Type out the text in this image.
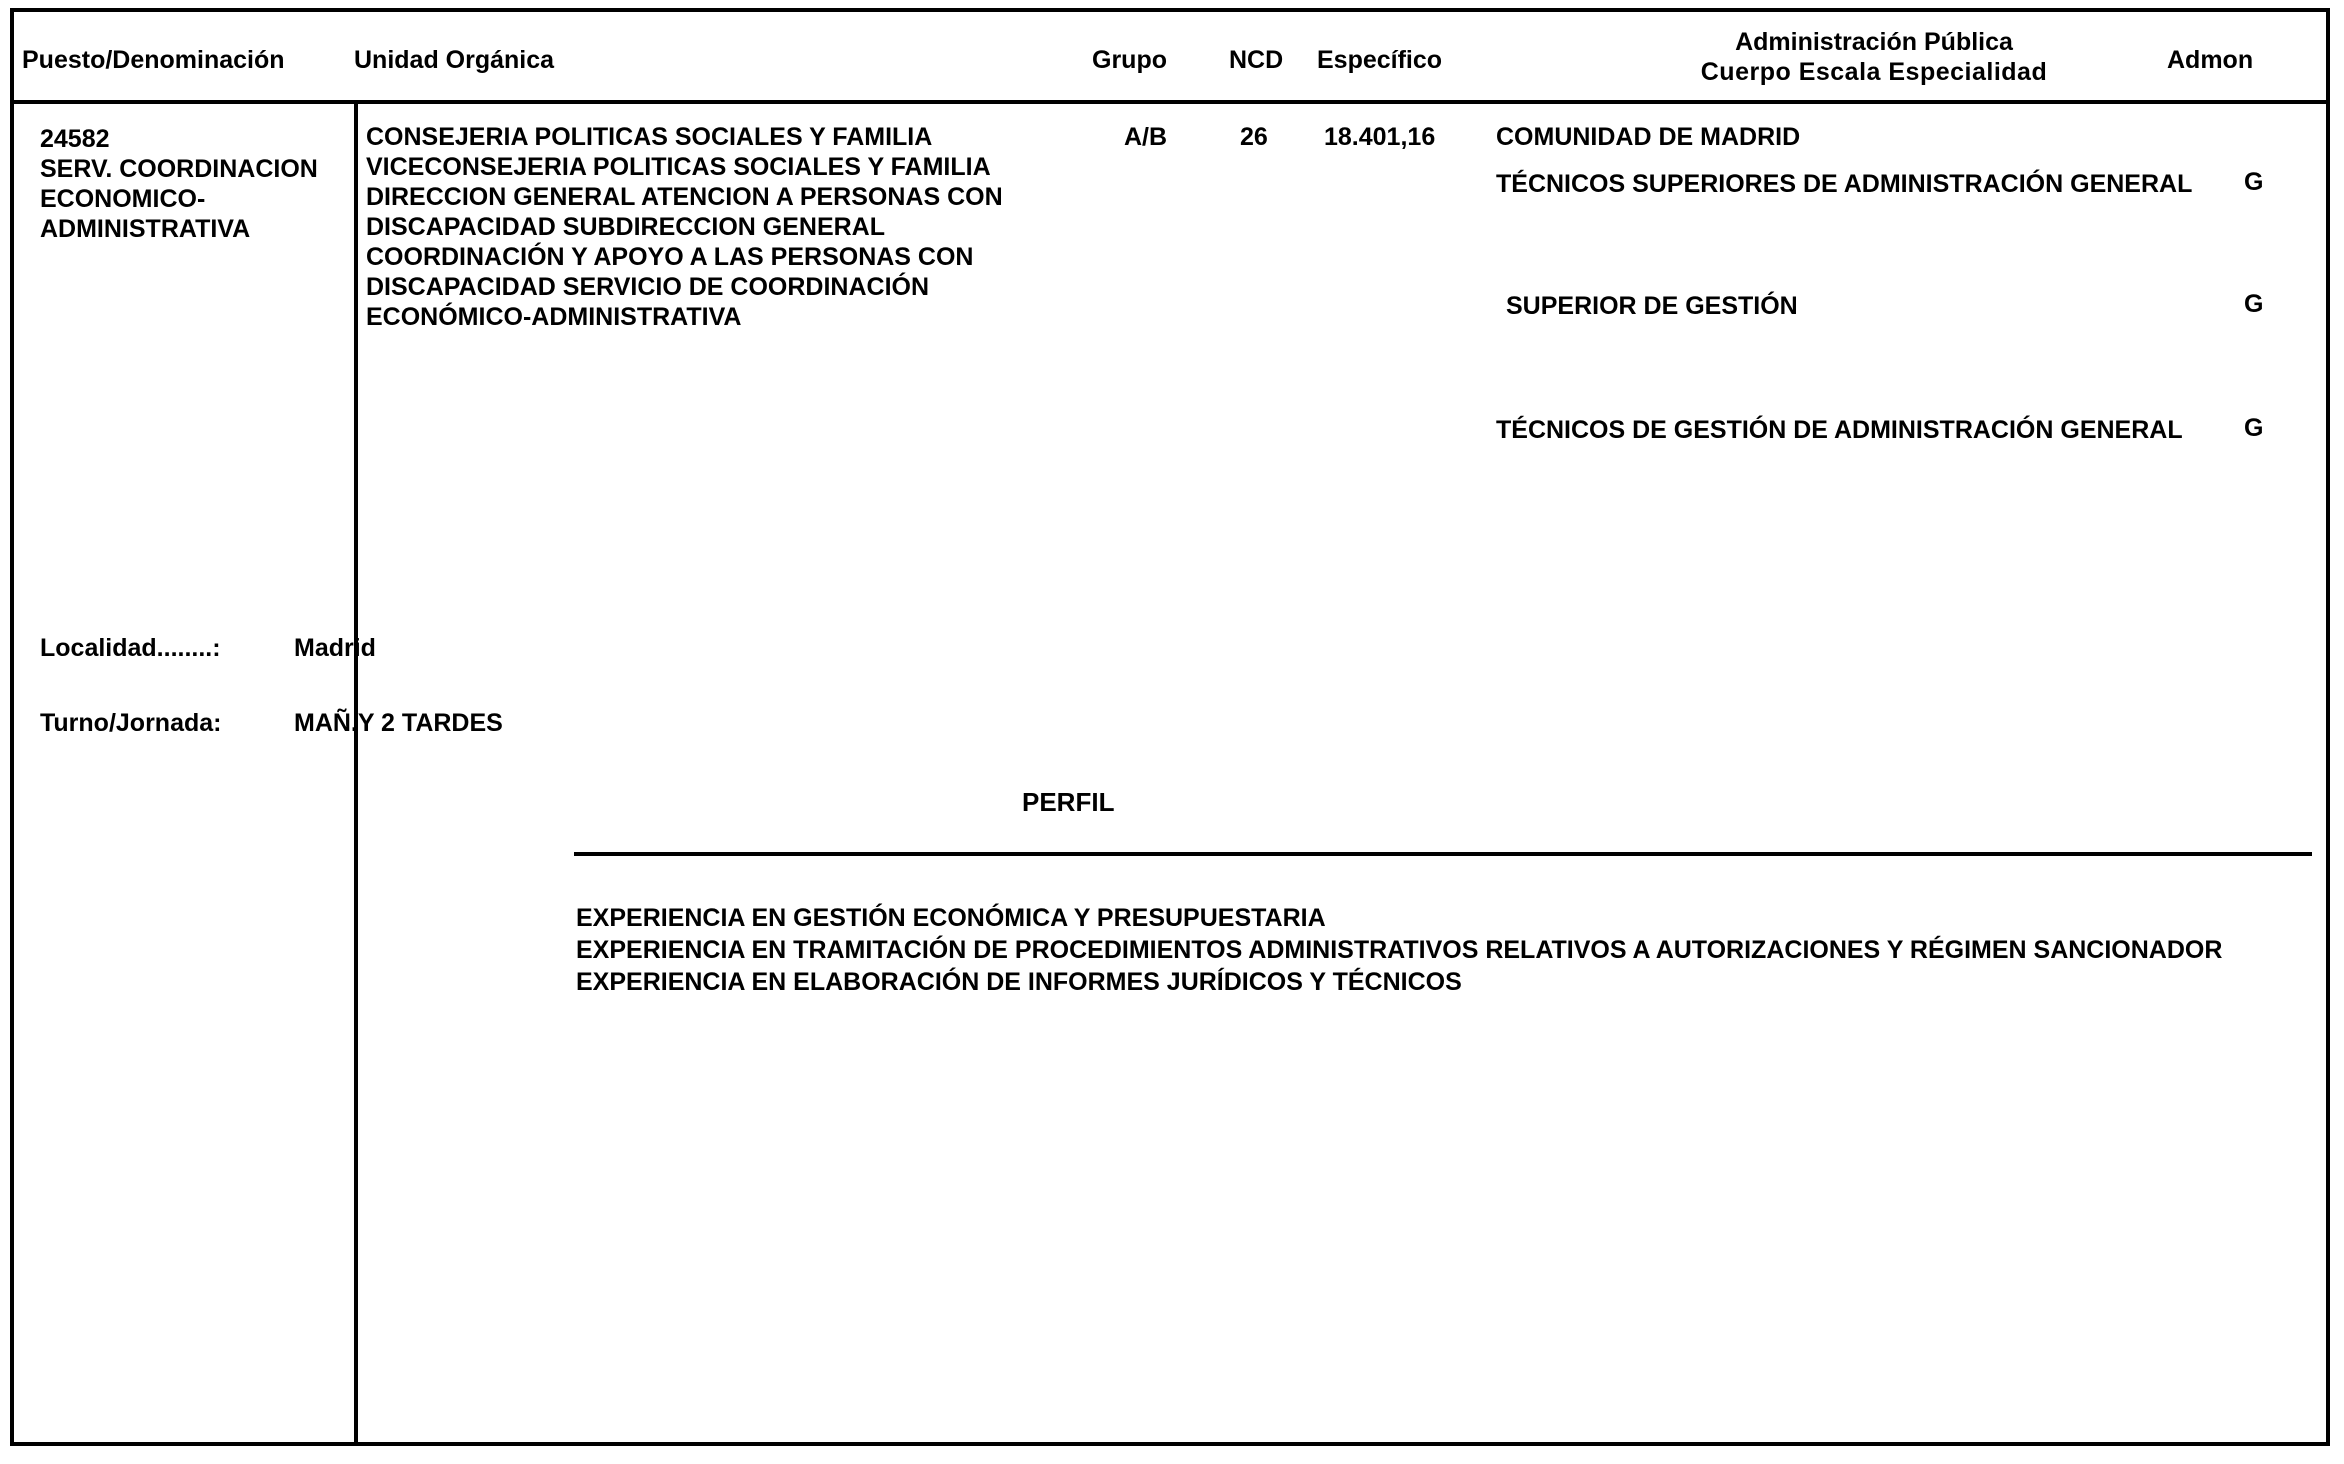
Puesto/Denominación	Unidad Orgánica	Grupo NCD Específico
Administración Pública
Cuerpo Escala Especialidad	Admon
24582
SERV. COORDINACION ECONOMICO-ADMINISTRATIVA
CONSEJERIA POLITICAS SOCIALES Y FAMILIA VICECONSEJERIA POLITICAS SOCIALES Y FAMILIA DIRECCION GENERAL ATENCION A PERSONAS CON DISCAPACIDAD SUBDIRECCION GENERAL COORDINACIÓN Y APOYO A LAS PERSONAS CON DISCAPACIDAD SERVICIO DE COORDINACIÓN ECONÓMICO-ADMINISTRATIVA
A/B	26 18.401,16 COMUNIDAD DE MADRID
TÉCNICOS SUPERIORES DE ADMINISTRACIÓN GENERAL G
SUPERIOR DE GESTIÓN	G
TÉCNICOS DE GESTIÓN DE ADMINISTRACIÓN GENERAL	G
Localidad........:	Madrid
Turno/Jornada:	MAÑ.Y 2 TARDES
PERFIL
EXPERIENCIA EN GESTIÓN ECONÓMICA Y PRESUPUESTARIA
EXPERIENCIA EN TRAMITACIÓN DE PROCEDIMIENTOS ADMINISTRATIVOS RELATIVOS A AUTORIZACIONES Y RÉGIMEN SANCIONADOR
EXPERIENCIA EN ELABORACIÓN DE INFORMES JURÍDICOS Y TÉCNICOS
